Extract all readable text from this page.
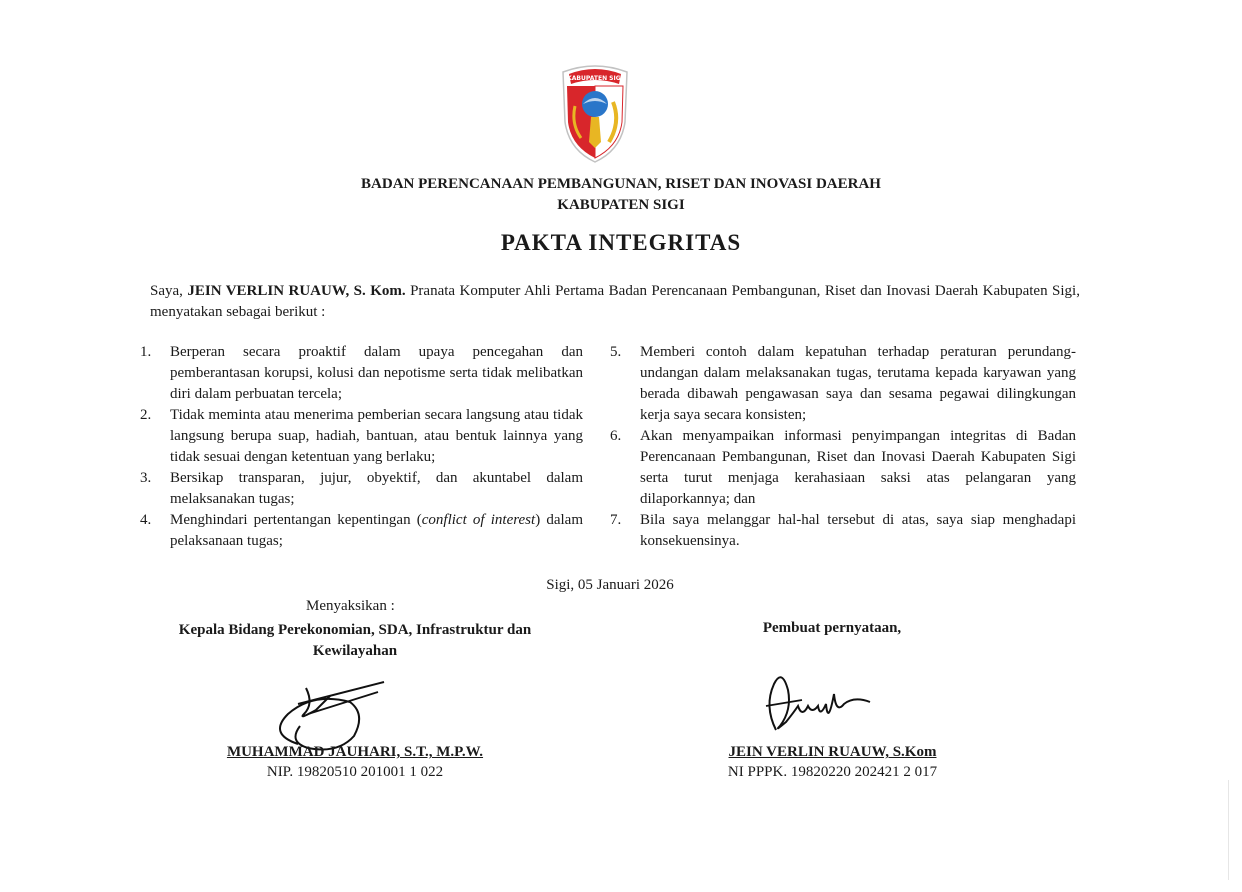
KABUPATEN SIGI
BADAN PERENCANAAN PEMBANGUNAN, RISET DAN INOVASI DAERAH
KABUPATEN SIGI
PAKTA INTEGRITAS
Saya, JEIN VERLIN RUAUW, S. Kom. Pranata Komputer Ahli Pertama Badan Perencanaan Pembangunan, Riset dan Inovasi Daerah Kabupaten Sigi, menyatakan sebagai berikut :
1.	Berperan secara proaktif dalam upaya pencegahan dan pemberantasan korupsi, kolusi dan nepotisme serta tidak melibatkan diri dalam perbuatan tercela;
2.	Tidak meminta atau menerima pemberian secara langsung atau tidak langsung berupa suap, hadiah, bantuan, atau bentuk lainnya yang tidak sesuai dengan ketentuan yang berlaku;
3.	Bersikap transparan, jujur, obyektif, dan akuntabel dalam melaksanakan tugas;
4.	Menghindari pertentangan kepentingan (conflict of interest) dalam pelaksanaan tugas;
5.	Memberi contoh dalam kepatuhan terhadap peraturan perundang-undangan dalam melaksanakan tugas, terutama kepada karyawan yang berada dibawah pengawasan saya dan sesama pegawai dilingkungan kerja saya secara konsisten;
6.	Akan menyampaikan informasi penyimpangan integritas di Badan Perencanaan Pembangunan, Riset dan Inovasi Daerah Kabupaten Sigi serta turut menjaga kerahasiaan saksi atas pelangaran yang dilaporkannya; dan
7.	Bila saya melanggar hal-hal tersebut di atas, saya siap menghadapi konsekuensinya.
Sigi, 05 Januari 2026
Menyaksikan :
Kepala Bidang Perekonomian, SDA, Infrastruktur dan
Kewilayahan
Pembuat pernyataan,
MUHAMMAD JAUHARI, S.T., M.P.W.
NIP. 19820510 201001 1 022
JEIN VERLIN RUAUW, S.Kom
NI PPPK. 19820220 202421 2 017
